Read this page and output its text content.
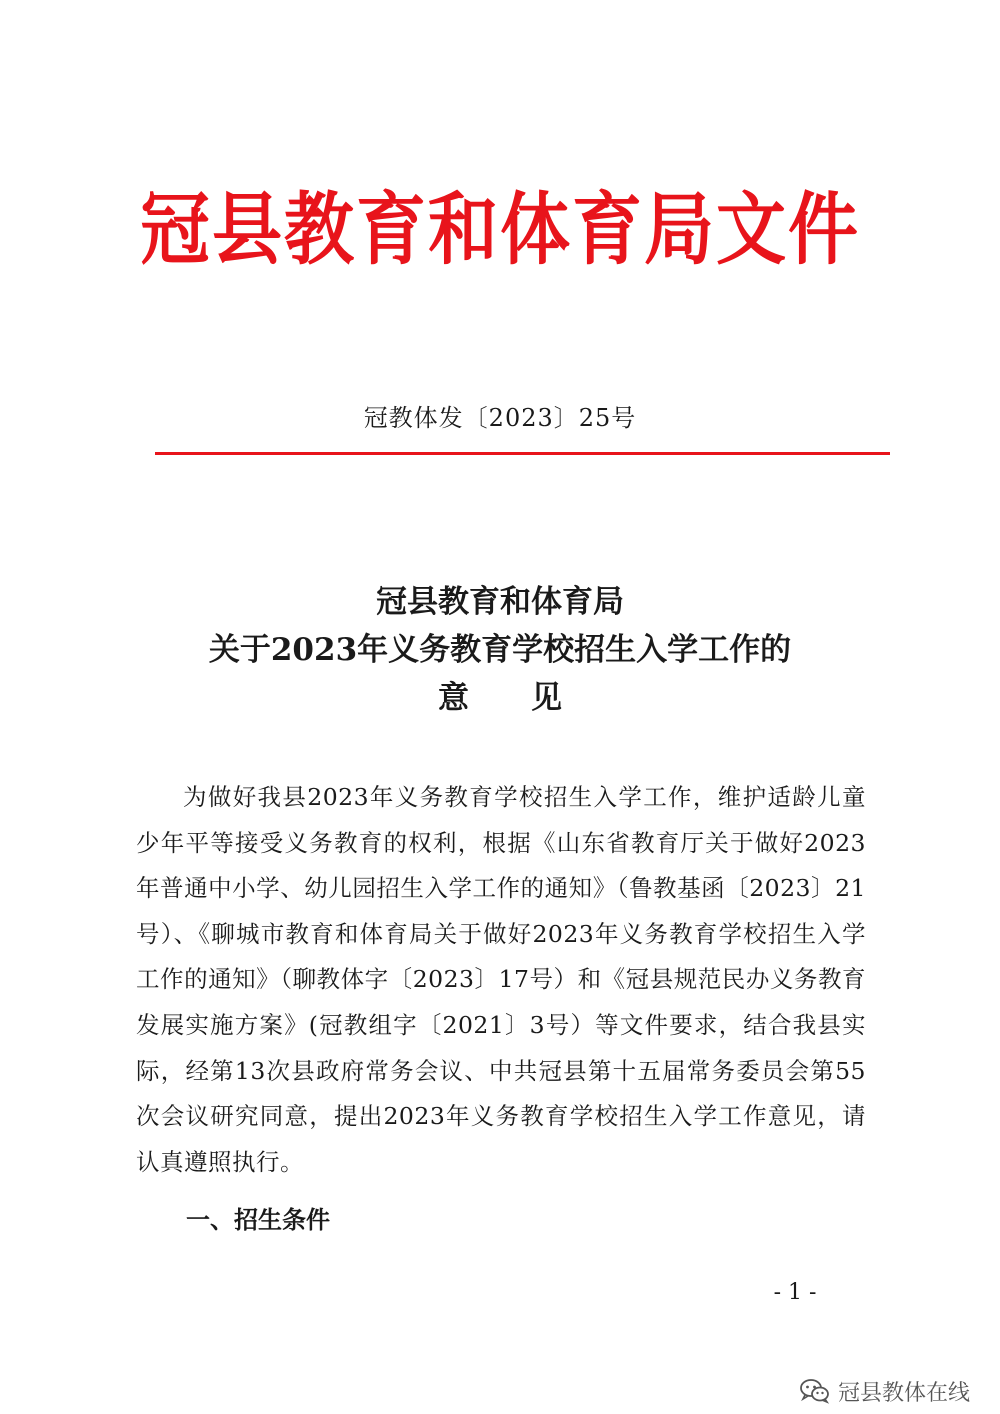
冠县教育和体育局文件
冠教体发〔2023〕25号
冠县教育和体育局
关于2023年义务教育学校招生入学工作的
意 见
为做好我县2023年义务教育学校招生入学工作，维护适龄儿童少年平等接受义务教育的权利，根据《山东省教育厅关于做好2023年普通中小学、幼儿园招生入学工作的通知》（鲁教基函〔2023〕21号）、《聊城市教育和体育局关于做好2023年义务教育学校招生入学工作的通知》（聊教体字〔2023〕17号）和《冠县规范民办义务教育发展实施方案》(冠教组字〔2021〕3号）等文件要求，结合我县实际，经第13次县政府常务会议、中共冠县第十五届常务委员会第55次会议研究同意，提出2023年义务教育学校招生入学工作意见，请认真遵照执行。
一、招生条件
- 1 -
冠县教体在线
